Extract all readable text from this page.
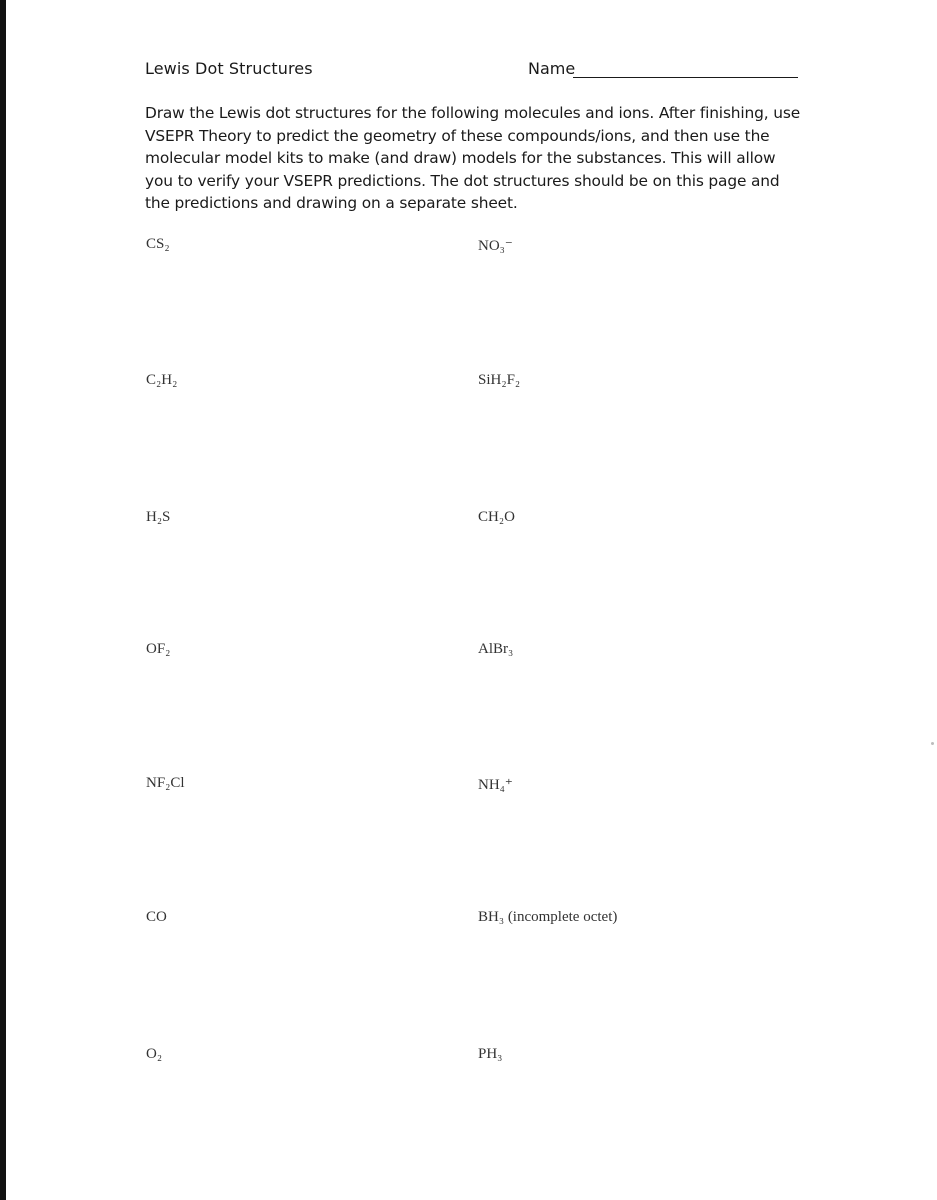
Lewis Dot Structures	Name

Draw the Lewis dot structures for the following molecules and ions. After finishing, use VSEPR Theory to predict the geometry of these compounds/ions, and then use the molecular model kits to make (and draw) models for the substances. This will allow you to verify your VSEPR predictions. The dot structures should be on this page and the predictions and drawing on a separate sheet.

CS₂
C₂H₂
H₂S
OF₂
NF₂Cl
CO
O₂
NO₃⁻
SiH₂F₂
CH₂O
AlBr₃
NH₄⁺
BH₃ (incomplete octet)
PH₃
